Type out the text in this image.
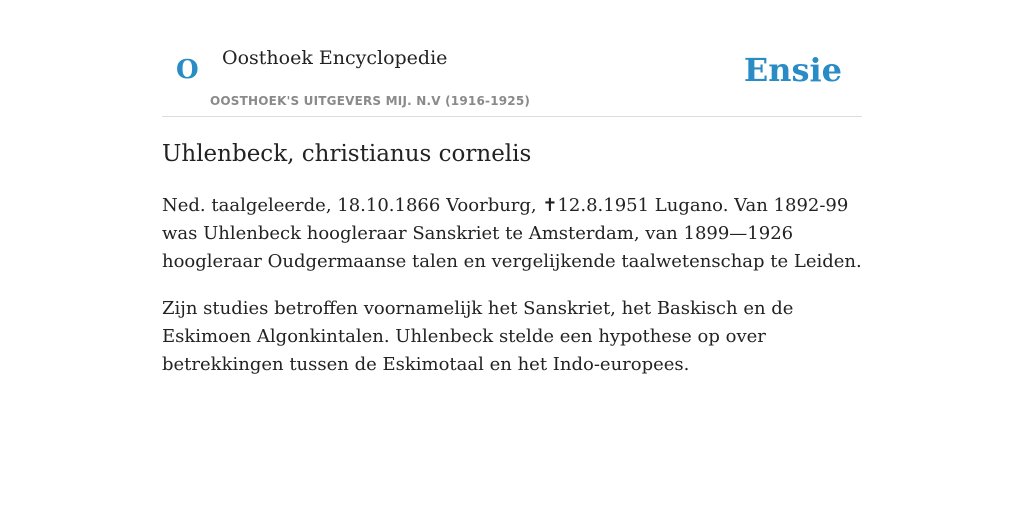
O Oosthoek Encyclopedie
OOSTHOEK'S UITGEVERS MIJ. N.V (1916-1925)
Ensie
Uhlenbeck, christianus cornelis

Ned. taalgeleerde, 18.10.1866 Voorburg, ✝12.8.1951 Lugano. Van 1892-99 was Uhlenbeck hoogleraar Sanskriet te Amsterdam, van 1899—1926 hoogleraar Oudgermaanse talen en vergelijkende taalwetenschap te Leiden.

Zijn studies betroffen voornamelijk het Sanskriet, het Baskisch en de Eskimoen Algonkintalen. Uhlenbeck stelde een hypothese op over betrekkingen tussen de Eskimotaal en het Indo-europees.
